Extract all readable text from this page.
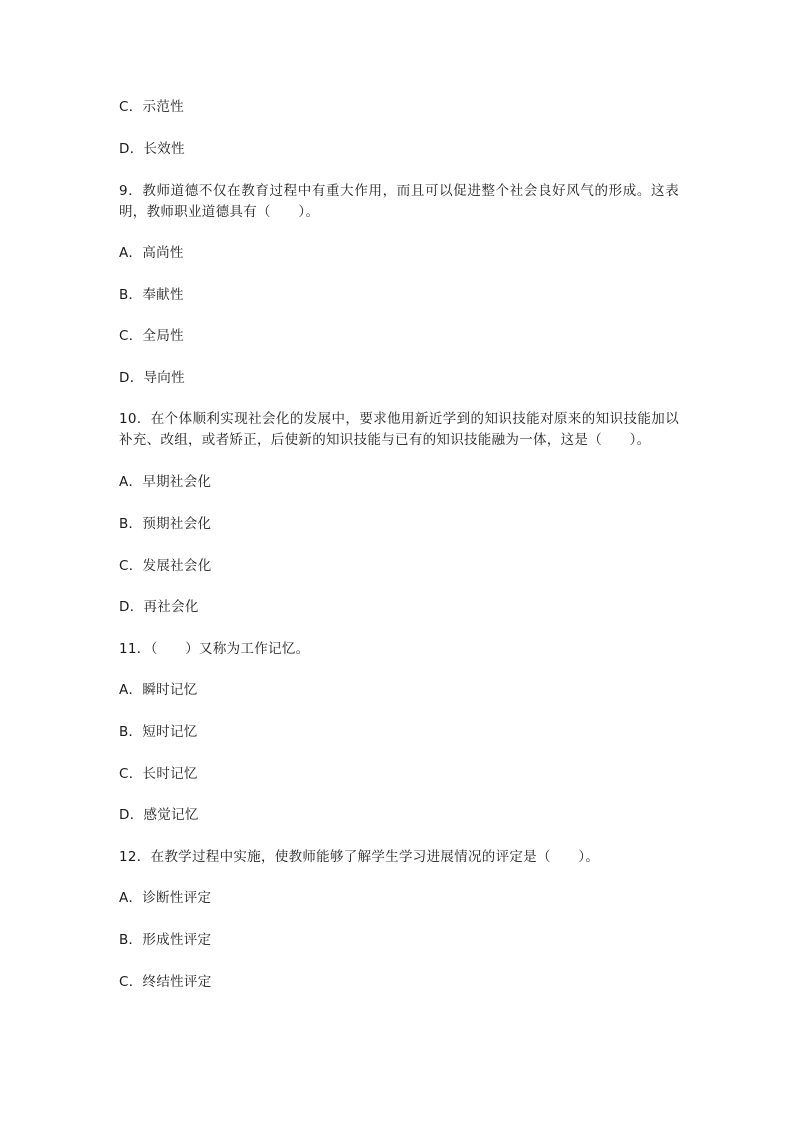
C．示范性
D．长效性
9．教师道德不仅在教育过程中有重大作用，而且可以促进整个社会良好风气的形成。这表明，教师职业道德具有（　　）。
A．高尚性
B．奉献性
C．全局性
D．导向性
10．在个体顺利实现社会化的发展中，要求他用新近学到的知识技能对原来的知识技能加以补充、改组，或者矫正，后使新的知识技能与已有的知识技能融为一体，这是（　　）。
A．早期社会化
B．预期社会化
C．发展社会化
D．再社会化
11．（　　）又称为工作记忆。
A．瞬时记忆
B．短时记忆
C．长时记忆
D．感觉记忆
12．在教学过程中实施，使教师能够了解学生学习进展情况的评定是（　　）。
A．诊断性评定
B．形成性评定
C．终结性评定
